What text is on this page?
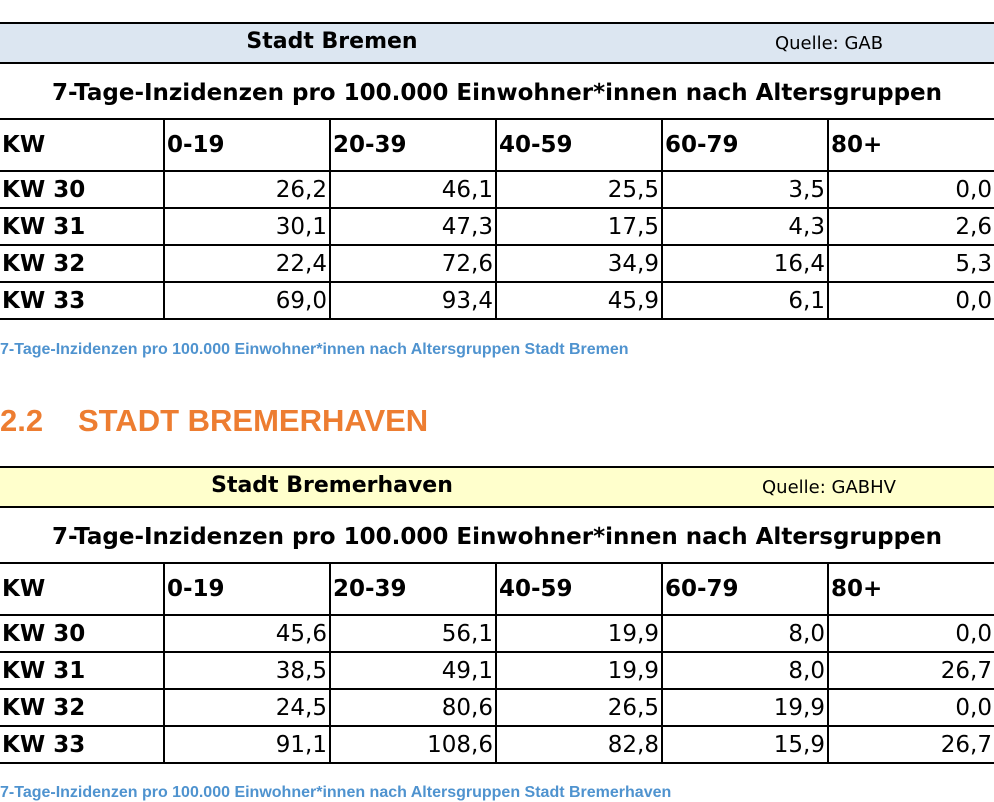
Stadt Bremen	Quelle: GAB
7-Tage-Inzidenzen pro 100.000 Einwohner*innen nach Altersgruppen
KW	0-19	20-39	40-59	60-79	80+
KW 30	26,2	46,1	25,5	3,5	0,0
KW 31	30,1	47,3	17,5	4,3	2,6
KW 32	22,4	72,6	34,9	16,4	5,3
KW 33	69,0	93,4	45,9	6,1	0,0
7-Tage-Inzidenzen pro 100.000 Einwohner*innen nach Altersgruppen Stadt Bremen
2.2 STADT BREMERHAVEN
Stadt Bremerhaven	Quelle: GABHV
7-Tage-Inzidenzen pro 100.000 Einwohner*innen nach Altersgruppen
KW	0-19	20-39	40-59	60-79	80+
KW 30	45,6	56,1	19,9	8,0	0,0
KW 31	38,5	49,1	19,9	8,0	26,7
KW 32	24,5	80,6	26,5	19,9	0,0
KW 33	91,1	108,6	82,8	15,9	26,7
7-Tage-Inzidenzen pro 100.000 Einwohner*innen nach Altersgruppen Stadt Bremerhaven
